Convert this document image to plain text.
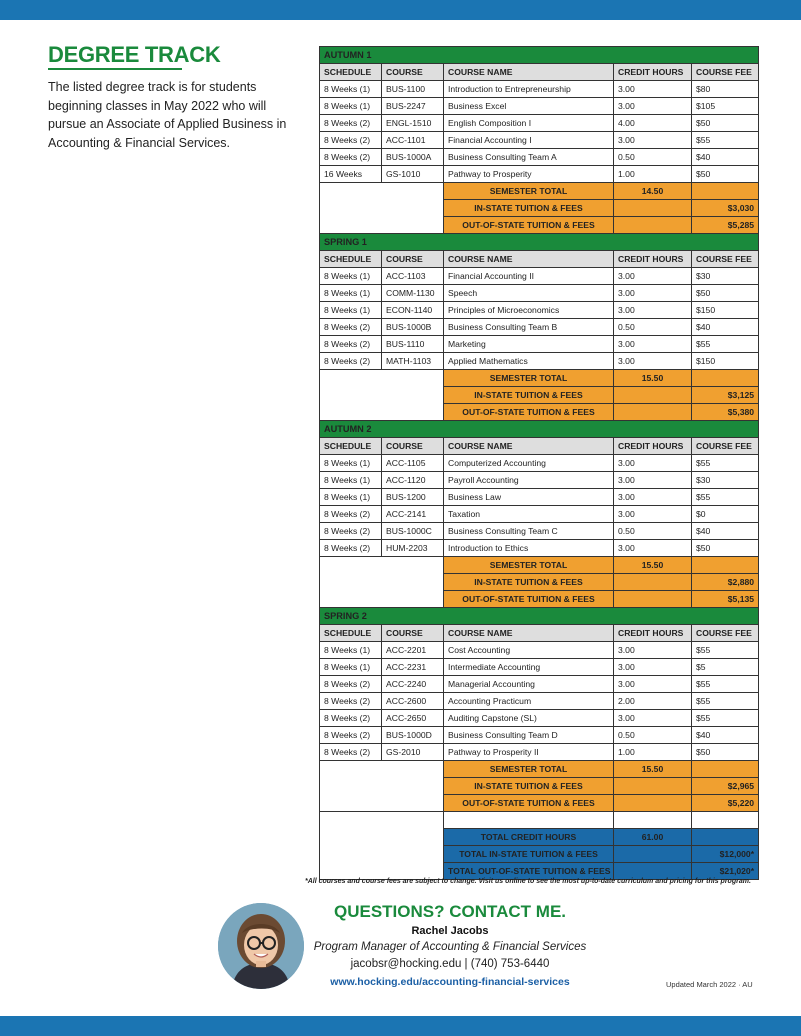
DEGREE TRACK

The listed degree track is for students beginning classes in May 2022 who will pursue an Associate of Applied Business in Accounting & Financial Services.

AUTUMN 1				
SCHEDULE	COURSE	COURSE NAME	CREDIT HOURS	COURSE FEE
8 Weeks (1)	BUS-1100	Introduction to Entrepreneurship	3.00	$80
8 Weeks (1)	BUS-2247	Business Excel	3.00	$105
8 Weeks (2)	ENGL-1510	English Composition I	4.00	$50
8 Weeks (2)	ACC-1101	Financial Accounting I	3.00	$55
8 Weeks (2)	BUS-1000A	Business Consulting Team A	0.50	$40
16 Weeks	GS-1010	Pathway to Prosperity	1.00	$50
		SEMESTER TOTAL	14.50	
		IN-STATE TUITION & FEES		$3,030
		OUT-OF-STATE TUITION & FEES		$5,285
SPRING 1				
SCHEDULE	COURSE	COURSE NAME	CREDIT HOURS	COURSE FEE
8 Weeks (1)	ACC-1103	Financial Accounting II	3.00	$30
8 Weeks (1)	COMM-1130	Speech	3.00	$50
8 Weeks (1)	ECON-1140	Principles of Microeconomics	3.00	$150
8 Weeks (2)	BUS-1000B	Business Consulting Team B	0.50	$40
8 Weeks (2)	BUS-1110	Marketing	3.00	$55
8 Weeks (2)	MATH-1103	Applied Mathematics	3.00	$150
		SEMESTER TOTAL	15.50	
		IN-STATE TUITION & FEES		$3,125
		OUT-OF-STATE TUITION & FEES		$5,380
AUTUMN 2				
SCHEDULE	COURSE	COURSE NAME	CREDIT HOURS	COURSE FEE
8 Weeks (1)	ACC-1105	Computerized Accounting	3.00	$55
8 Weeks (1)	ACC-1120	Payroll Accounting	3.00	$30
8 Weeks (1)	BUS-1200	Business Law	3.00	$55
8 Weeks (2)	ACC-2141	Taxation	3.00	$0
8 Weeks (2)	BUS-1000C	Business Consulting Team C	0.50	$40
8 Weeks (2)	HUM-2203	Introduction to Ethics	3.00	$50
		SEMESTER TOTAL	15.50	
		IN-STATE TUITION & FEES		$2,880
		OUT-OF-STATE TUITION & FEES		$5,135
SPRING 2				
SCHEDULE	COURSE	COURSE NAME	CREDIT HOURS	COURSE FEE
8 Weeks (1)	ACC-2201	Cost Accounting	3.00	$55
8 Weeks (1)	ACC-2231	Intermediate Accounting	3.00	$5
8 Weeks (2)	ACC-2240	Managerial Accounting	3.00	$55
8 Weeks (2)	ACC-2600	Accounting Practicum	2.00	$55
8 Weeks (2)	ACC-2650	Auditing Capstone (SL)	3.00	$55
8 Weeks (2)	BUS-1000D	Business Consulting Team D	0.50	$40
8 Weeks (2)	GS-2010	Pathway to Prosperity II	1.00	$50
		SEMESTER TOTAL	15.50	
		IN-STATE TUITION & FEES		$2,965
		OUT-OF-STATE TUITION & FEES		$5,220

		TOTAL CREDIT HOURS	61.00	
		TOTAL IN-STATE TUITION & FEES		$12,000*
		TOTAL OUT-OF-STATE TUITION & FEES		$21,020*
*All courses and course fees are subject to change. Visit us online to see the most up-to-date curriculum and pricing for this program.
QUESTIONS? CONTACT ME.
Rachel Jacobs
Program Manager of Accounting & Financial Services
jacobsr@hocking.edu | (740) 753-6440
www.hocking.edu/accounting-financial-services	Updated March 2022 · AU
